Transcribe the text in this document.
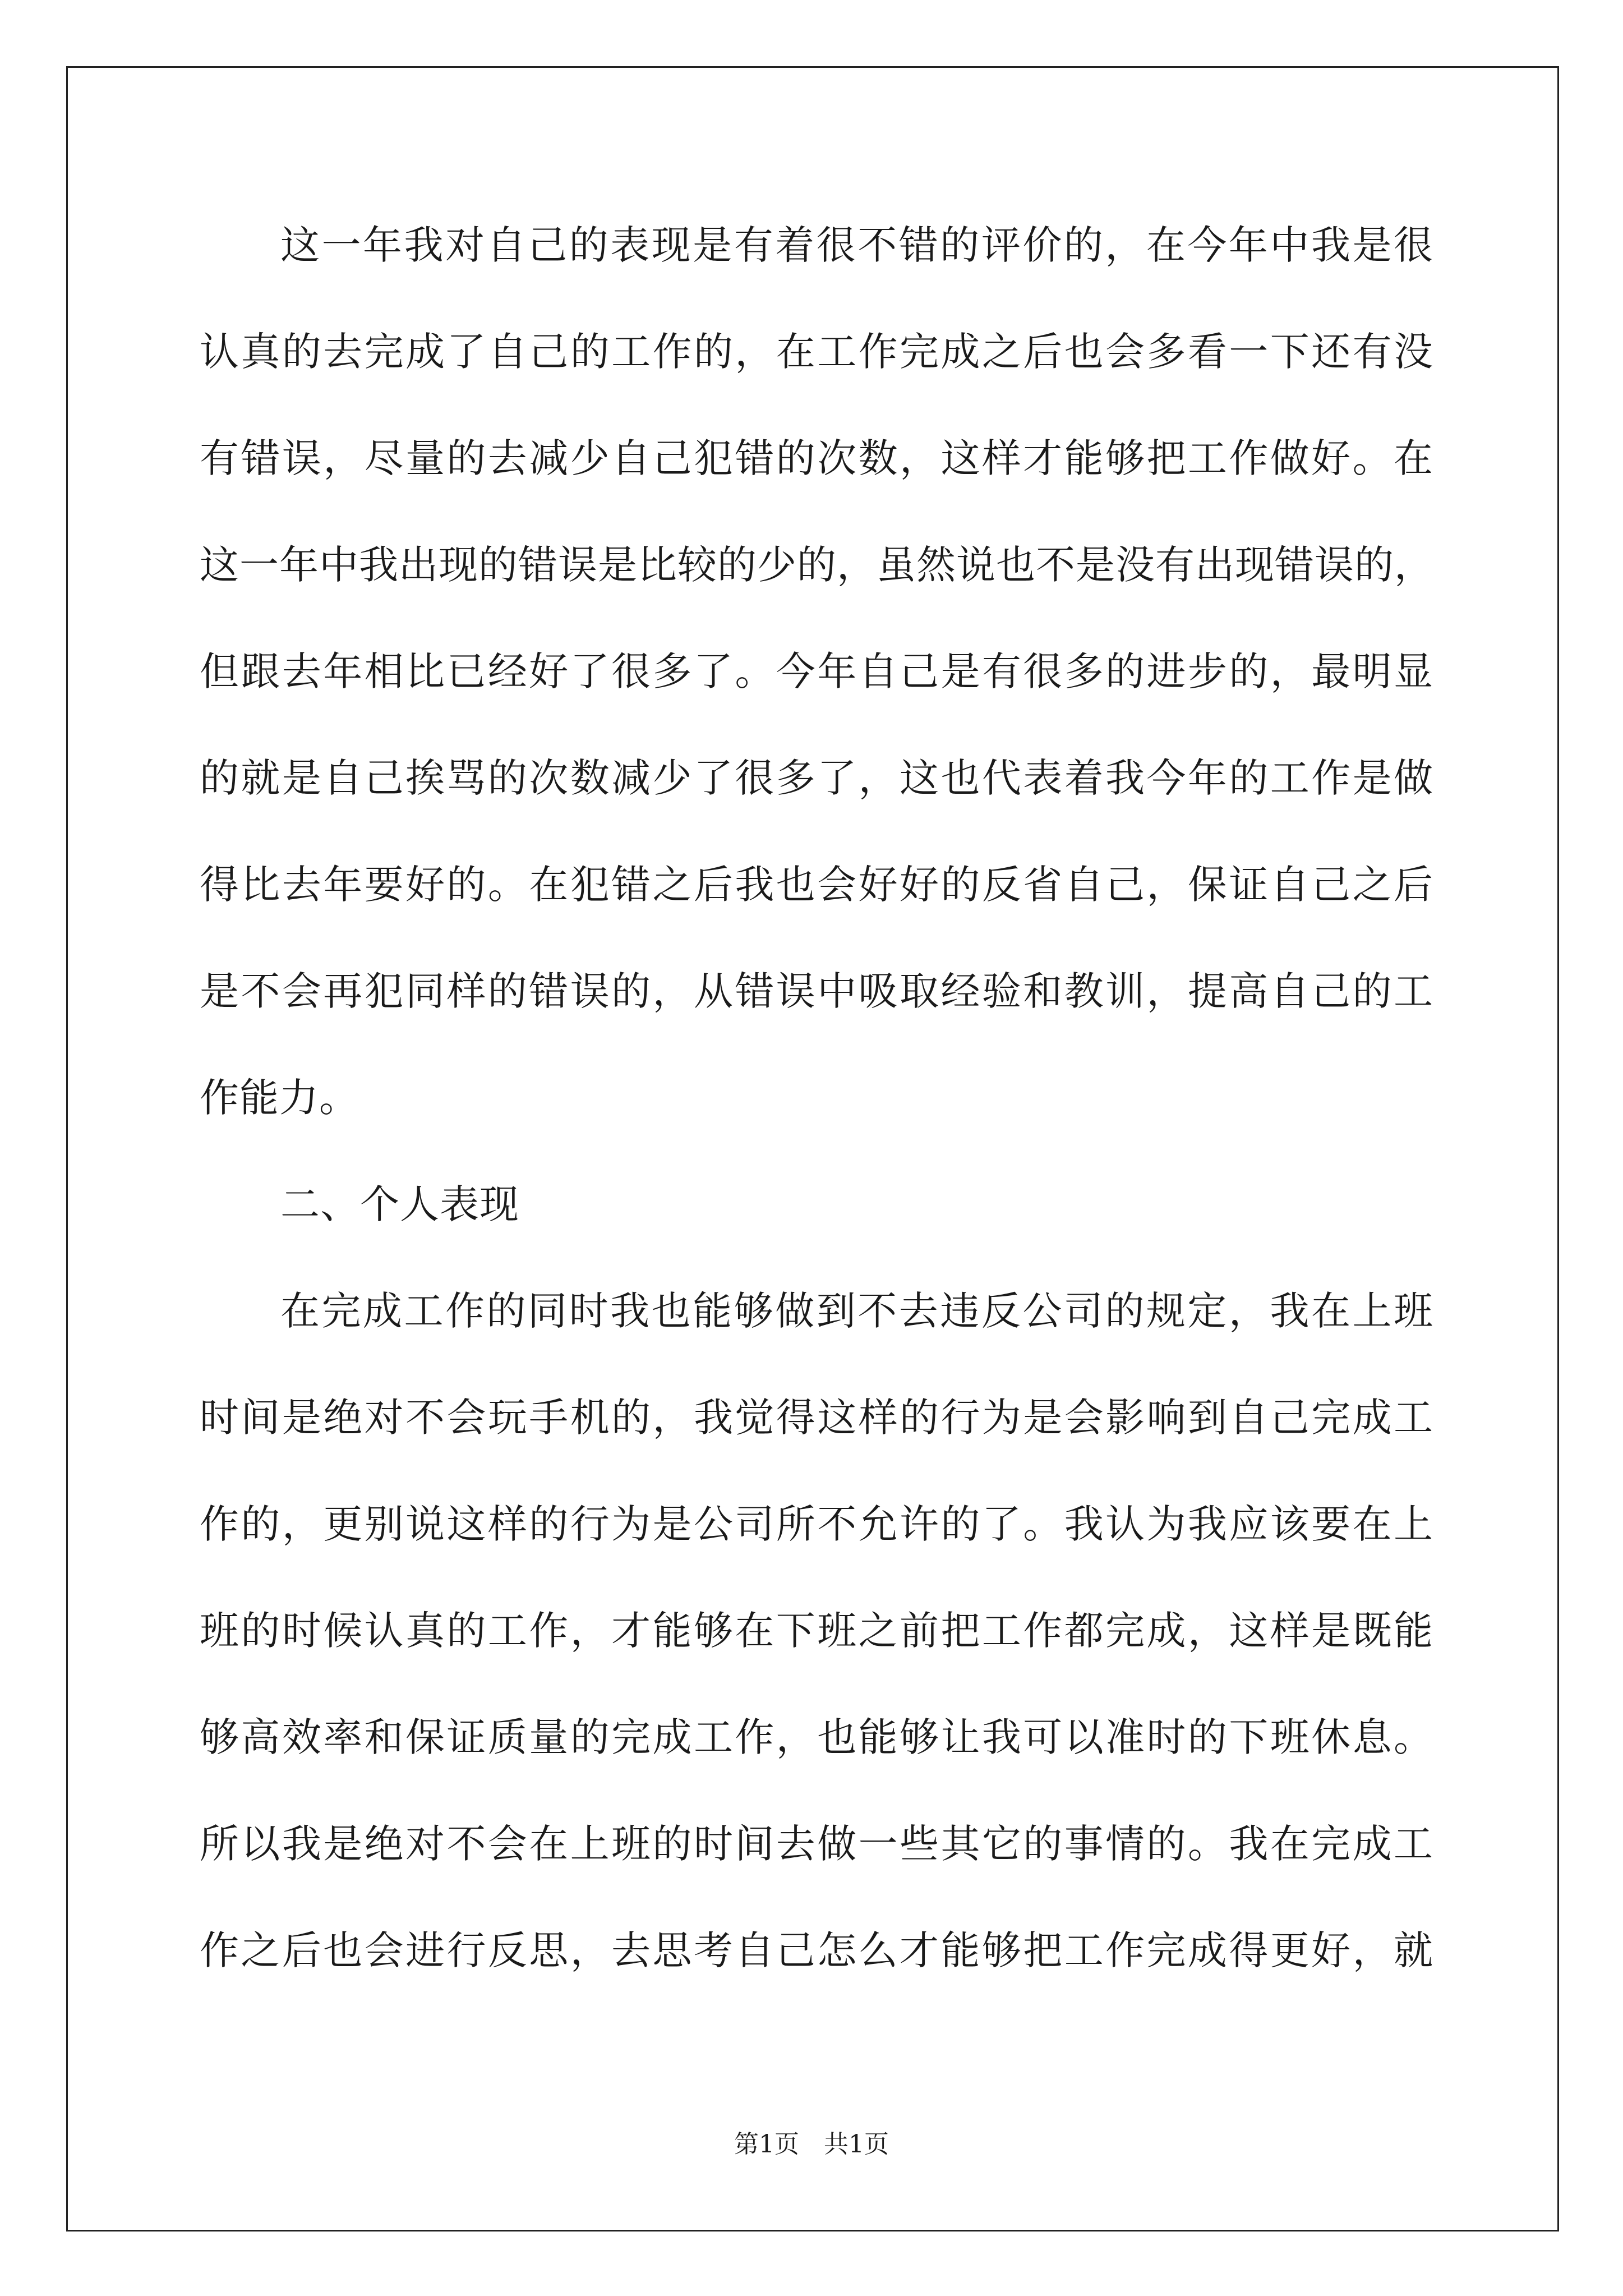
这一年我对自己的表现是有着很不错的评价的，在今年中我是很
认真的去完成了自己的工作的，在工作完成之后也会多看一下还有没
有错误，尽量的去减少自己犯错的次数，这样才能够把工作做好。在
这一年中我出现的错误是比较的少的，虽然说也不是没有出现错误的，
但跟去年相比已经好了很多了。今年自己是有很多的进步的，最明显
的就是自己挨骂的次数减少了很多了，这也代表着我今年的工作是做
得比去年要好的。在犯错之后我也会好好的反省自己，保证自己之后
是不会再犯同样的错误的，从错误中吸取经验和教训，提高自己的工
作能力。
二、个人表现
在完成工作的同时我也能够做到不去违反公司的规定，我在上班
时间是绝对不会玩手机的，我觉得这样的行为是会影响到自己完成工
作的，更别说这样的行为是公司所不允许的了。我认为我应该要在上
班的时候认真的工作，才能够在下班之前把工作都完成，这样是既能
够高效率和保证质量的完成工作，也能够让我可以准时的下班休息。
所以我是绝对不会在上班的时间去做一些其它的事情的。我在完成工
作之后也会进行反思，去思考自己怎么才能够把工作完成得更好，就
第1页　共1页
